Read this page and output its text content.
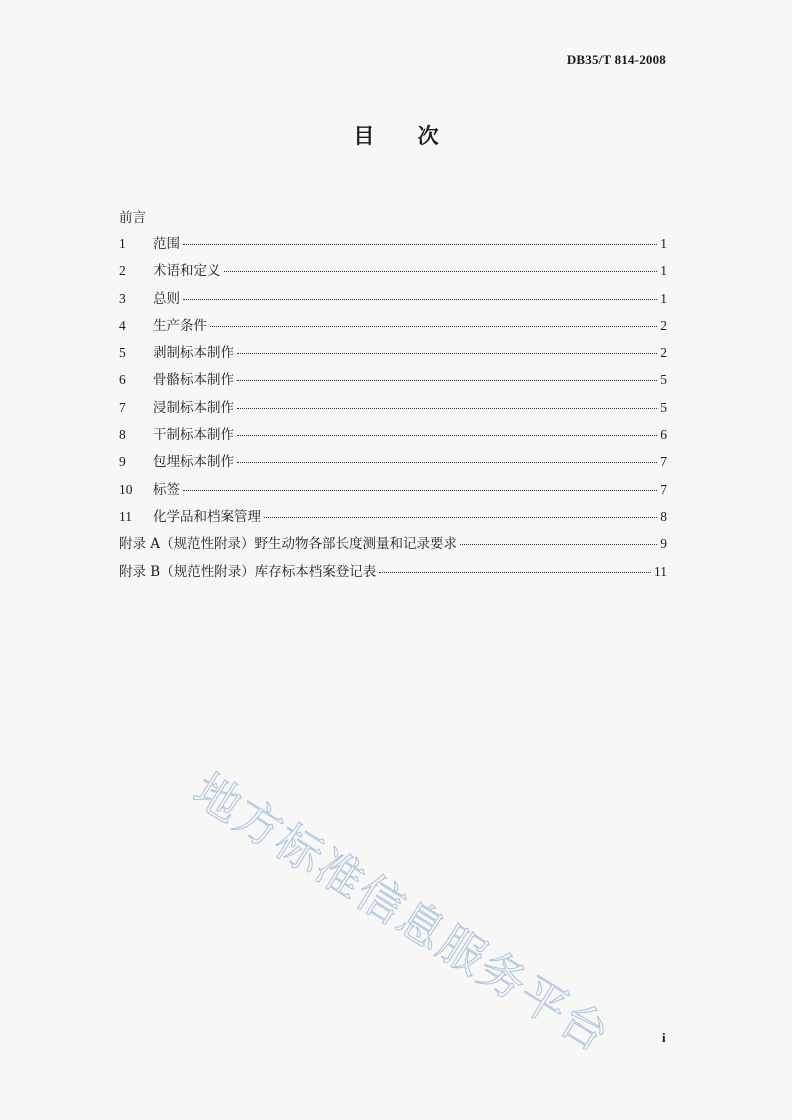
DB35/T 814-2008
目 次
前言
1	范围	1
2	术语和定义	1
3	总则	1
4	生产条件	2
5	剥制标本制作	2
6	骨骼标本制作	5
7	浸制标本制作	5
8	干制标本制作	6
9	包埋标本制作	7
10	标签	7
11	化学品和档案管理	8
附录 A（规范性附录）野生动物各部长度测量和记录要求	9
附录 B（规范性附录）库存标本档案登记表	11
地方标准信息服务平台	i
